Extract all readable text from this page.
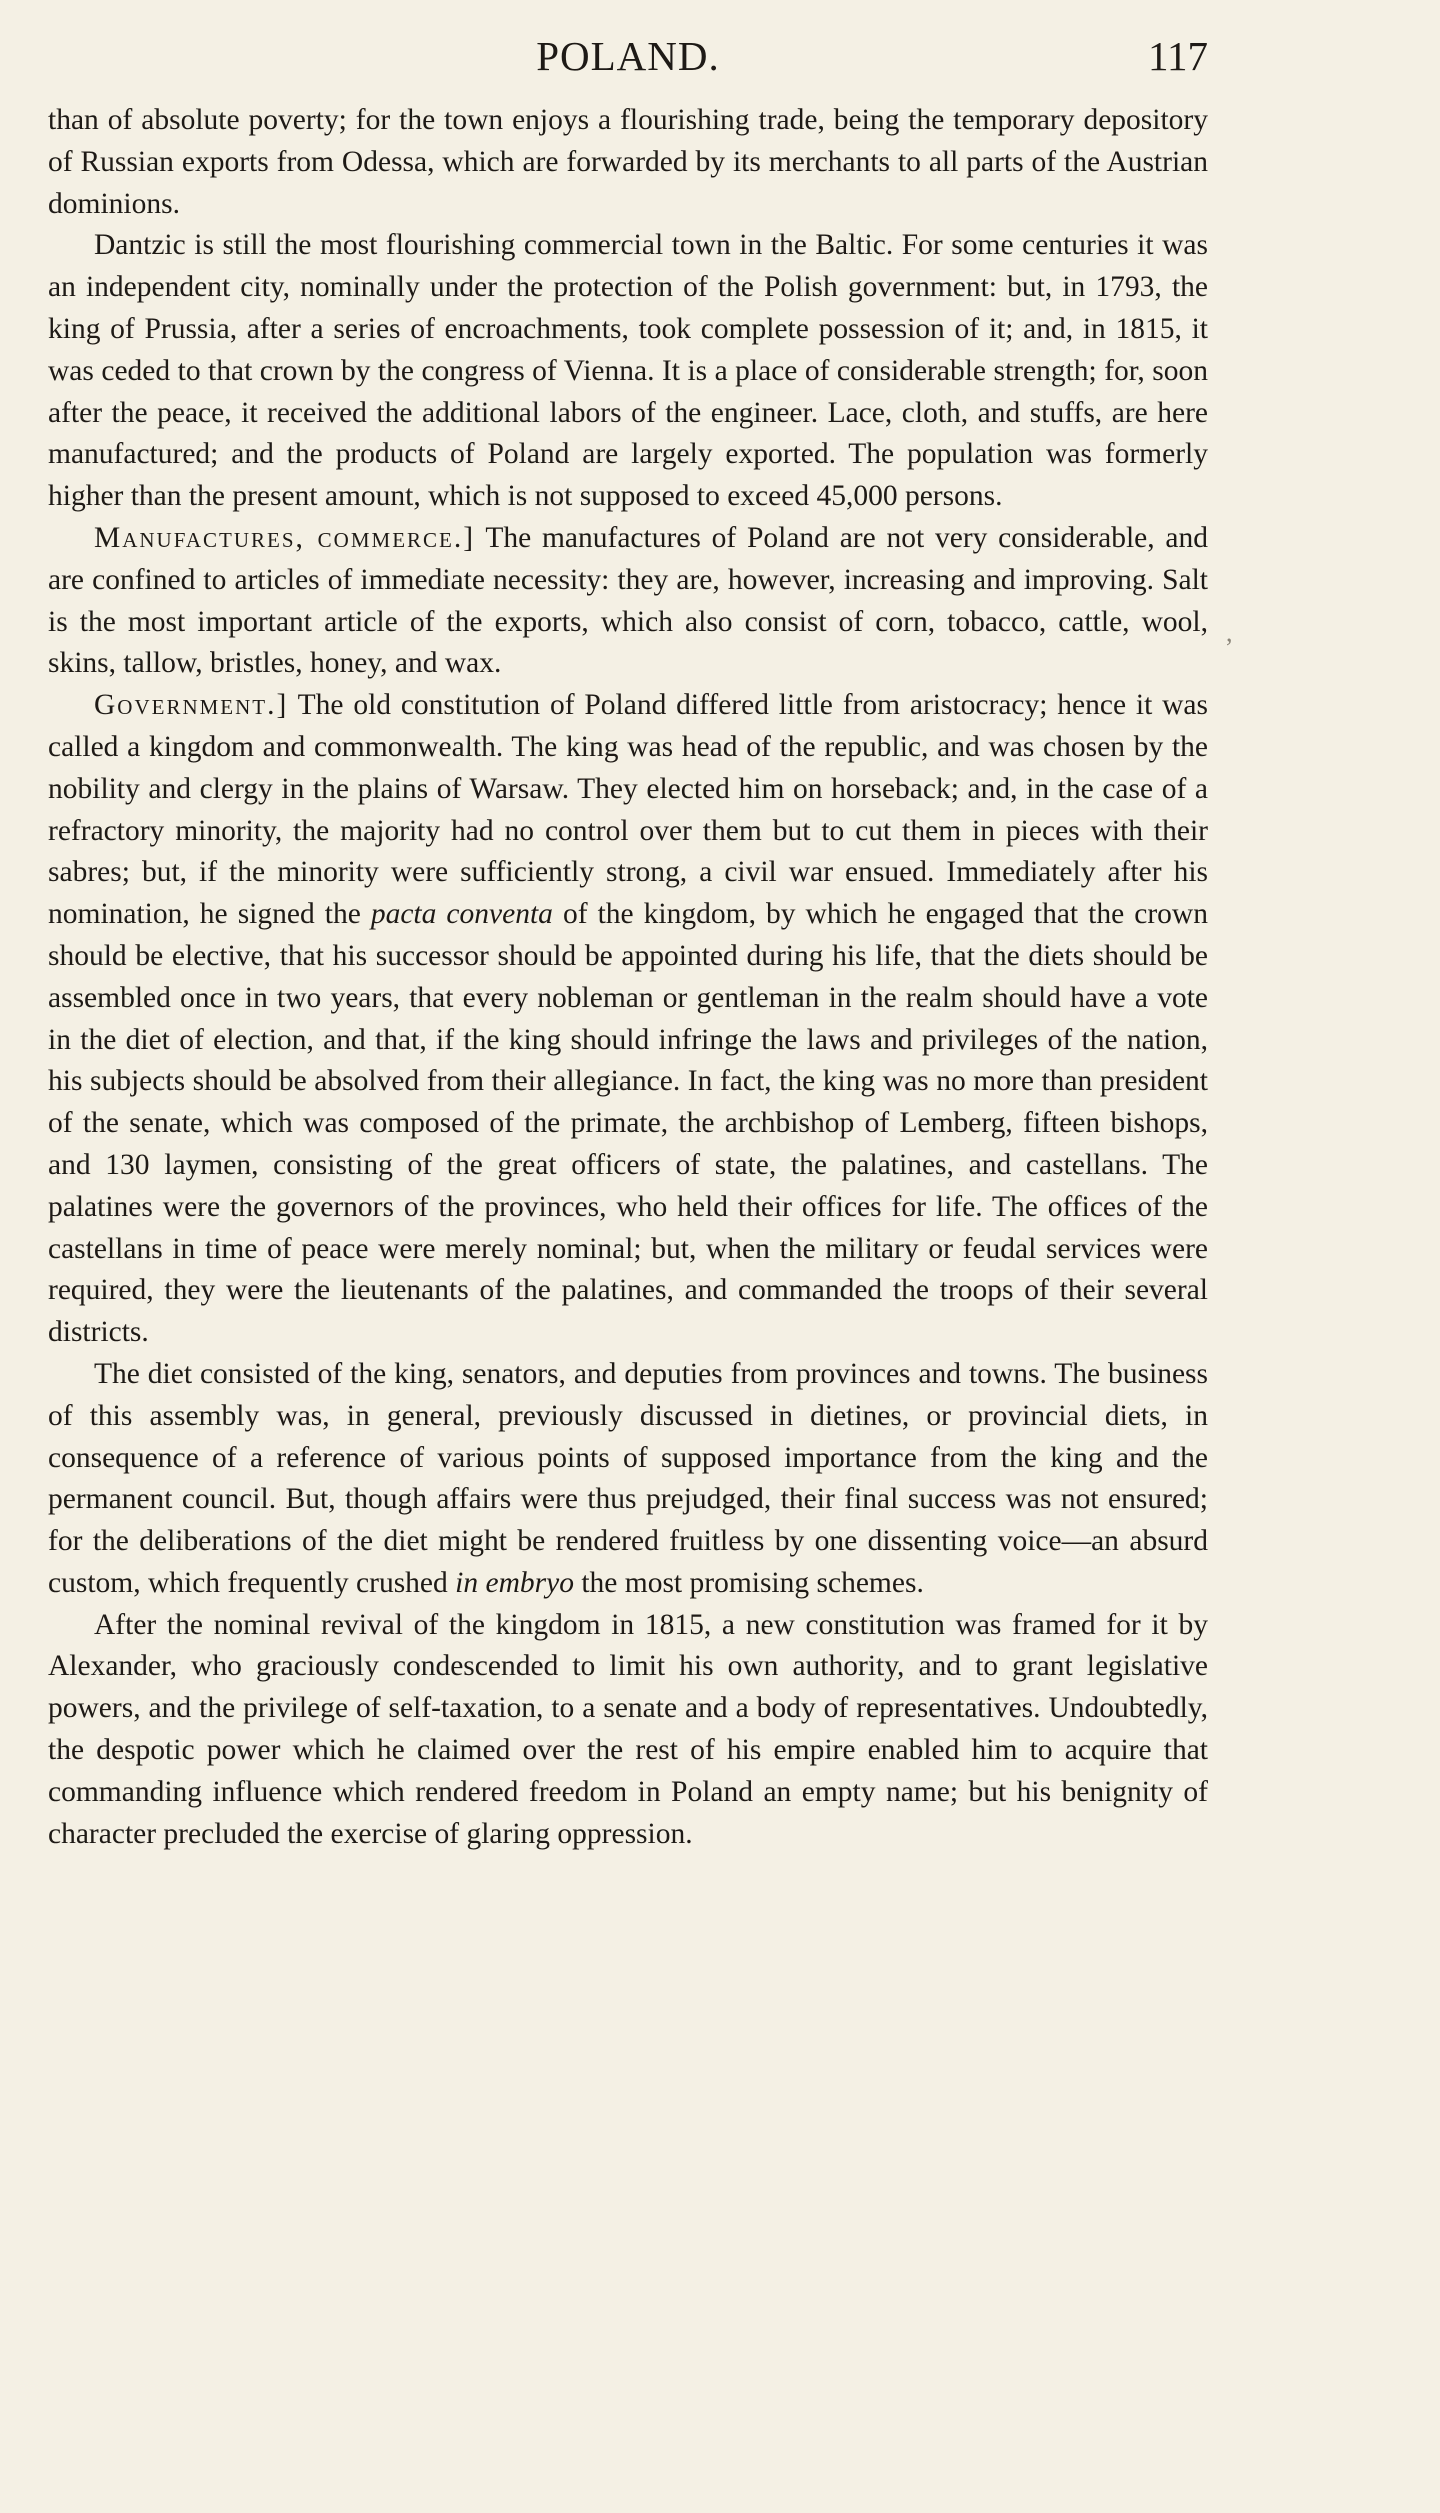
POLAND.	117
,

than of absolute poverty; for the town enjoys a flourishing trade, being the temporary depository of Russian exports from Odessa, which are forwarded by its merchants to all parts of the Austrian dominions.

Dantzic is still the most flourishing commercial town in the Baltic. For some centuries it was an independent city, nominally under the protection of the Polish government: but, in 1793, the king of Prussia, after a series of encroachments, took complete possession of it; and, in 1815, it was ceded to that crown by the congress of Vienna. It is a place of considerable strength; for, soon after the peace, it received the additional labors of the engineer. Lace, cloth, and stuffs, are here manufactured; and the products of Poland are largely exported. The population was formerly higher than the present amount, which is not supposed to exceed 45,000 persons.

Manufactures, commerce.] The manufactures of Poland are not very considerable, and are confined to articles of immediate necessity: they are, however, increasing and improving. Salt is the most important article of the exports, which also consist of corn, tobacco, cattle, wool, skins, tallow, bristles, honey, and wax.

Government.] The old constitution of Poland differed little from aristocracy; hence it was called a kingdom and commonwealth. The king was head of the republic, and was chosen by the nobility and clergy in the plains of Warsaw. They elected him on horseback; and, in the case of a refractory minority, the majority had no control over them but to cut them in pieces with their sabres; but, if the minority were sufficiently strong, a civil war ensued. Immediately after his nomination, he signed the pacta conventa of the kingdom, by which he engaged that the crown should be elective, that his successor should be appointed during his life, that the diets should be assembled once in two years, that every nobleman or gentleman in the realm should have a vote in the diet of election, and that, if the king should infringe the laws and privileges of the nation, his subjects should be absolved from their allegiance. In fact, the king was no more than president of the senate, which was composed of the primate, the archbishop of Lemberg, fifteen bishops, and 130 laymen, consisting of the great officers of state, the palatines, and castellans. The palatines were the governors of the provinces, who held their offices for life. The offices of the castellans in time of peace were merely nominal; but, when the military or feudal services were required, they were the lieutenants of the palatines, and commanded the troops of their several districts.

The diet consisted of the king, senators, and deputies from provinces and towns. The business of this assembly was, in general, previously discussed in dietines, or provincial diets, in consequence of a reference of various points of supposed importance from the king and the permanent council. But, though affairs were thus prejudged, their final success was not ensured; for the deliberations of the diet might be rendered fruitless by one dissenting voice—an absurd custom, which frequently crushed in embryo the most promising schemes.

After the nominal revival of the kingdom in 1815, a new constitution was framed for it by Alexander, who graciously condescended to limit his own authority, and to grant legislative powers, and the privilege of self-taxation, to a senate and a body of representatives. Undoubtedly, the despotic power which he claimed over the rest of his empire enabled him to acquire that commanding influence which rendered freedom in Poland an empty name; but his benignity of character precluded the exercise of glaring oppression.
